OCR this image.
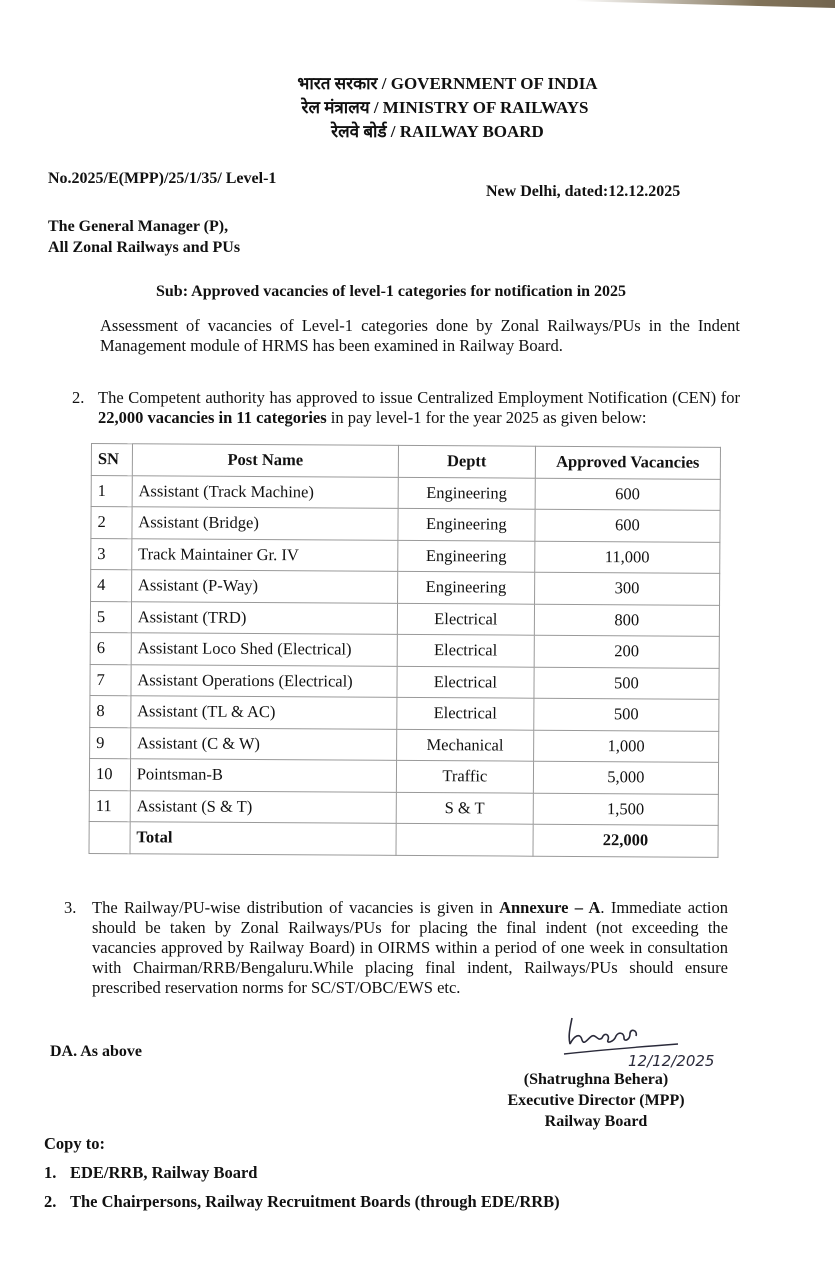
भारत सरकार / GOVERNMENT OF INDIA
रेल मंत्रालय / MINISTRY OF RAILWAYS
रेलवे बोर्ड / RAILWAY BOARD
No.2025/E(MPP)/25/1/35/ Level-1
New Delhi, dated:12.12.2025
The General Manager (P),
All Zonal Railways and PUs
Sub: Approved vacancies of level-1 categories for notification in 2025
Assessment of vacancies of Level-1 categories done by Zonal Railways/PUs in the Indent Management module of HRMS has been examined in Railway Board.
2. The Competent authority has approved to issue Centralized Employment Notification (CEN) for 22,000 vacancies in 11 categories in pay level-1 for the year 2025 as given below:
SN	Post Name	Deptt	Approved Vacancies
1	Assistant (Track Machine)	Engineering	600
2	Assistant (Bridge)	Engineering	600
3	Track Maintainer Gr. IV	Engineering	11,000
4	Assistant (P-Way)	Engineering	300
5	Assistant (TRD)	Electrical	800
6	Assistant Loco Shed (Electrical)	Electrical	200
7	Assistant Operations (Electrical)	Electrical	500
8	Assistant (TL & AC)	Electrical	500
9	Assistant (C & W)	Mechanical	1,000
10	Pointsman-B	Traffic	5,000
11	Assistant (S & T)	S & T	1,500
	Total		22,000
3. The Railway/PU-wise distribution of vacancies is given in Annexure – A. Immediate action should be taken by Zonal Railways/PUs for placing the final indent (not exceeding the vacancies approved by Railway Board) in OIRMS within a period of one week in consultation with Chairman/RRB/Bengaluru.While placing final indent, Railways/PUs should ensure prescribed reservation norms for SC/ST/OBC/EWS etc.
DA. As above
12/12/2025
(Shatrughna Behera)
Executive Director (MPP)
Railway Board
Copy to:
1. EDE/RRB, Railway Board
2. The Chairpersons, Railway Recruitment Boards (through EDE/RRB)
